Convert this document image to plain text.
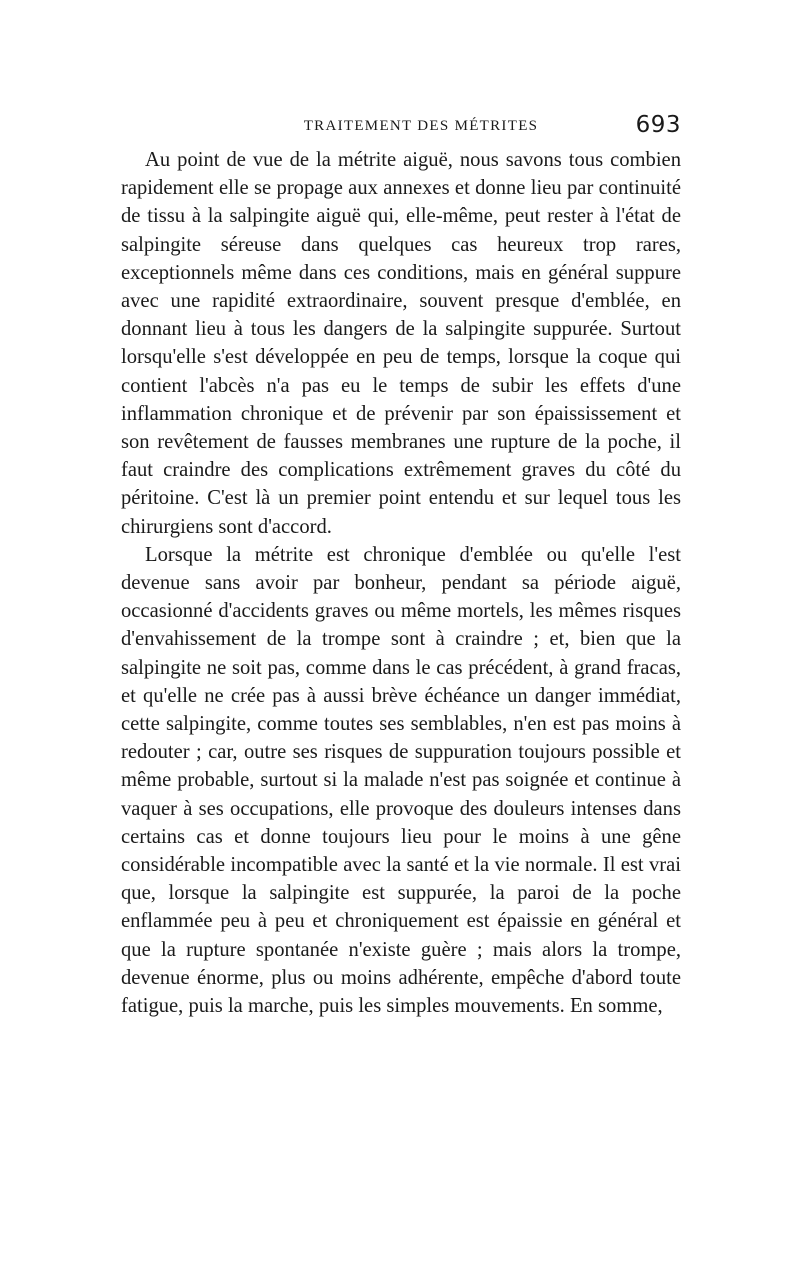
TRAITEMENT DES MÉTRITES	693

Au point de vue de la métrite aiguë, nous savons tous combien rapidement elle se propage aux annexes et donne lieu par continuité de tissu à la salpingite aiguë qui, elle-même, peut rester à l'état de salpingite séreuse dans quelques cas heureux trop rares, exceptionnels même dans ces conditions, mais en général suppure avec une rapidité extraordinaire, souvent presque d'emblée, en donnant lieu à tous les dangers de la salpingite suppurée. Surtout lorsqu'elle s'est développée en peu de temps, lorsque la coque qui contient l'abcès n'a pas eu le temps de subir les effets d'une inflammation chronique et de prévenir par son épaississement et son revêtement de fausses membranes une rupture de la poche, il faut craindre des complications extrêmement graves du côté du péritoine. C'est là un premier point entendu et sur lequel tous les chirurgiens sont d'accord.

Lorsque la métrite est chronique d'emblée ou qu'elle l'est devenue sans avoir par bonheur, pendant sa période aiguë, occasionné d'accidents graves ou même mortels, les mêmes risques d'envahissement de la trompe sont à craindre ; et, bien que la salpingite ne soit pas, comme dans le cas précédent, à grand fracas, et qu'elle ne crée pas à aussi brève échéance un danger immédiat, cette salpingite, comme toutes ses semblables, n'en est pas moins à redouter ; car, outre ses risques de suppuration toujours possible et même probable, surtout si la malade n'est pas soignée et continue à vaquer à ses occupations, elle provoque des douleurs intenses dans certains cas et donne toujours lieu pour le moins à une gêne considérable incompatible avec la santé et la vie normale. Il est vrai que, lorsque la salpingite est suppurée, la paroi de la poche enflammée peu à peu et chroniquement est épaissie en général et que la rupture spontanée n'existe guère ; mais alors la trompe, devenue énorme, plus ou moins adhérente, empêche d'abord toute fatigue, puis la marche, puis les simples mouvements. En somme,
